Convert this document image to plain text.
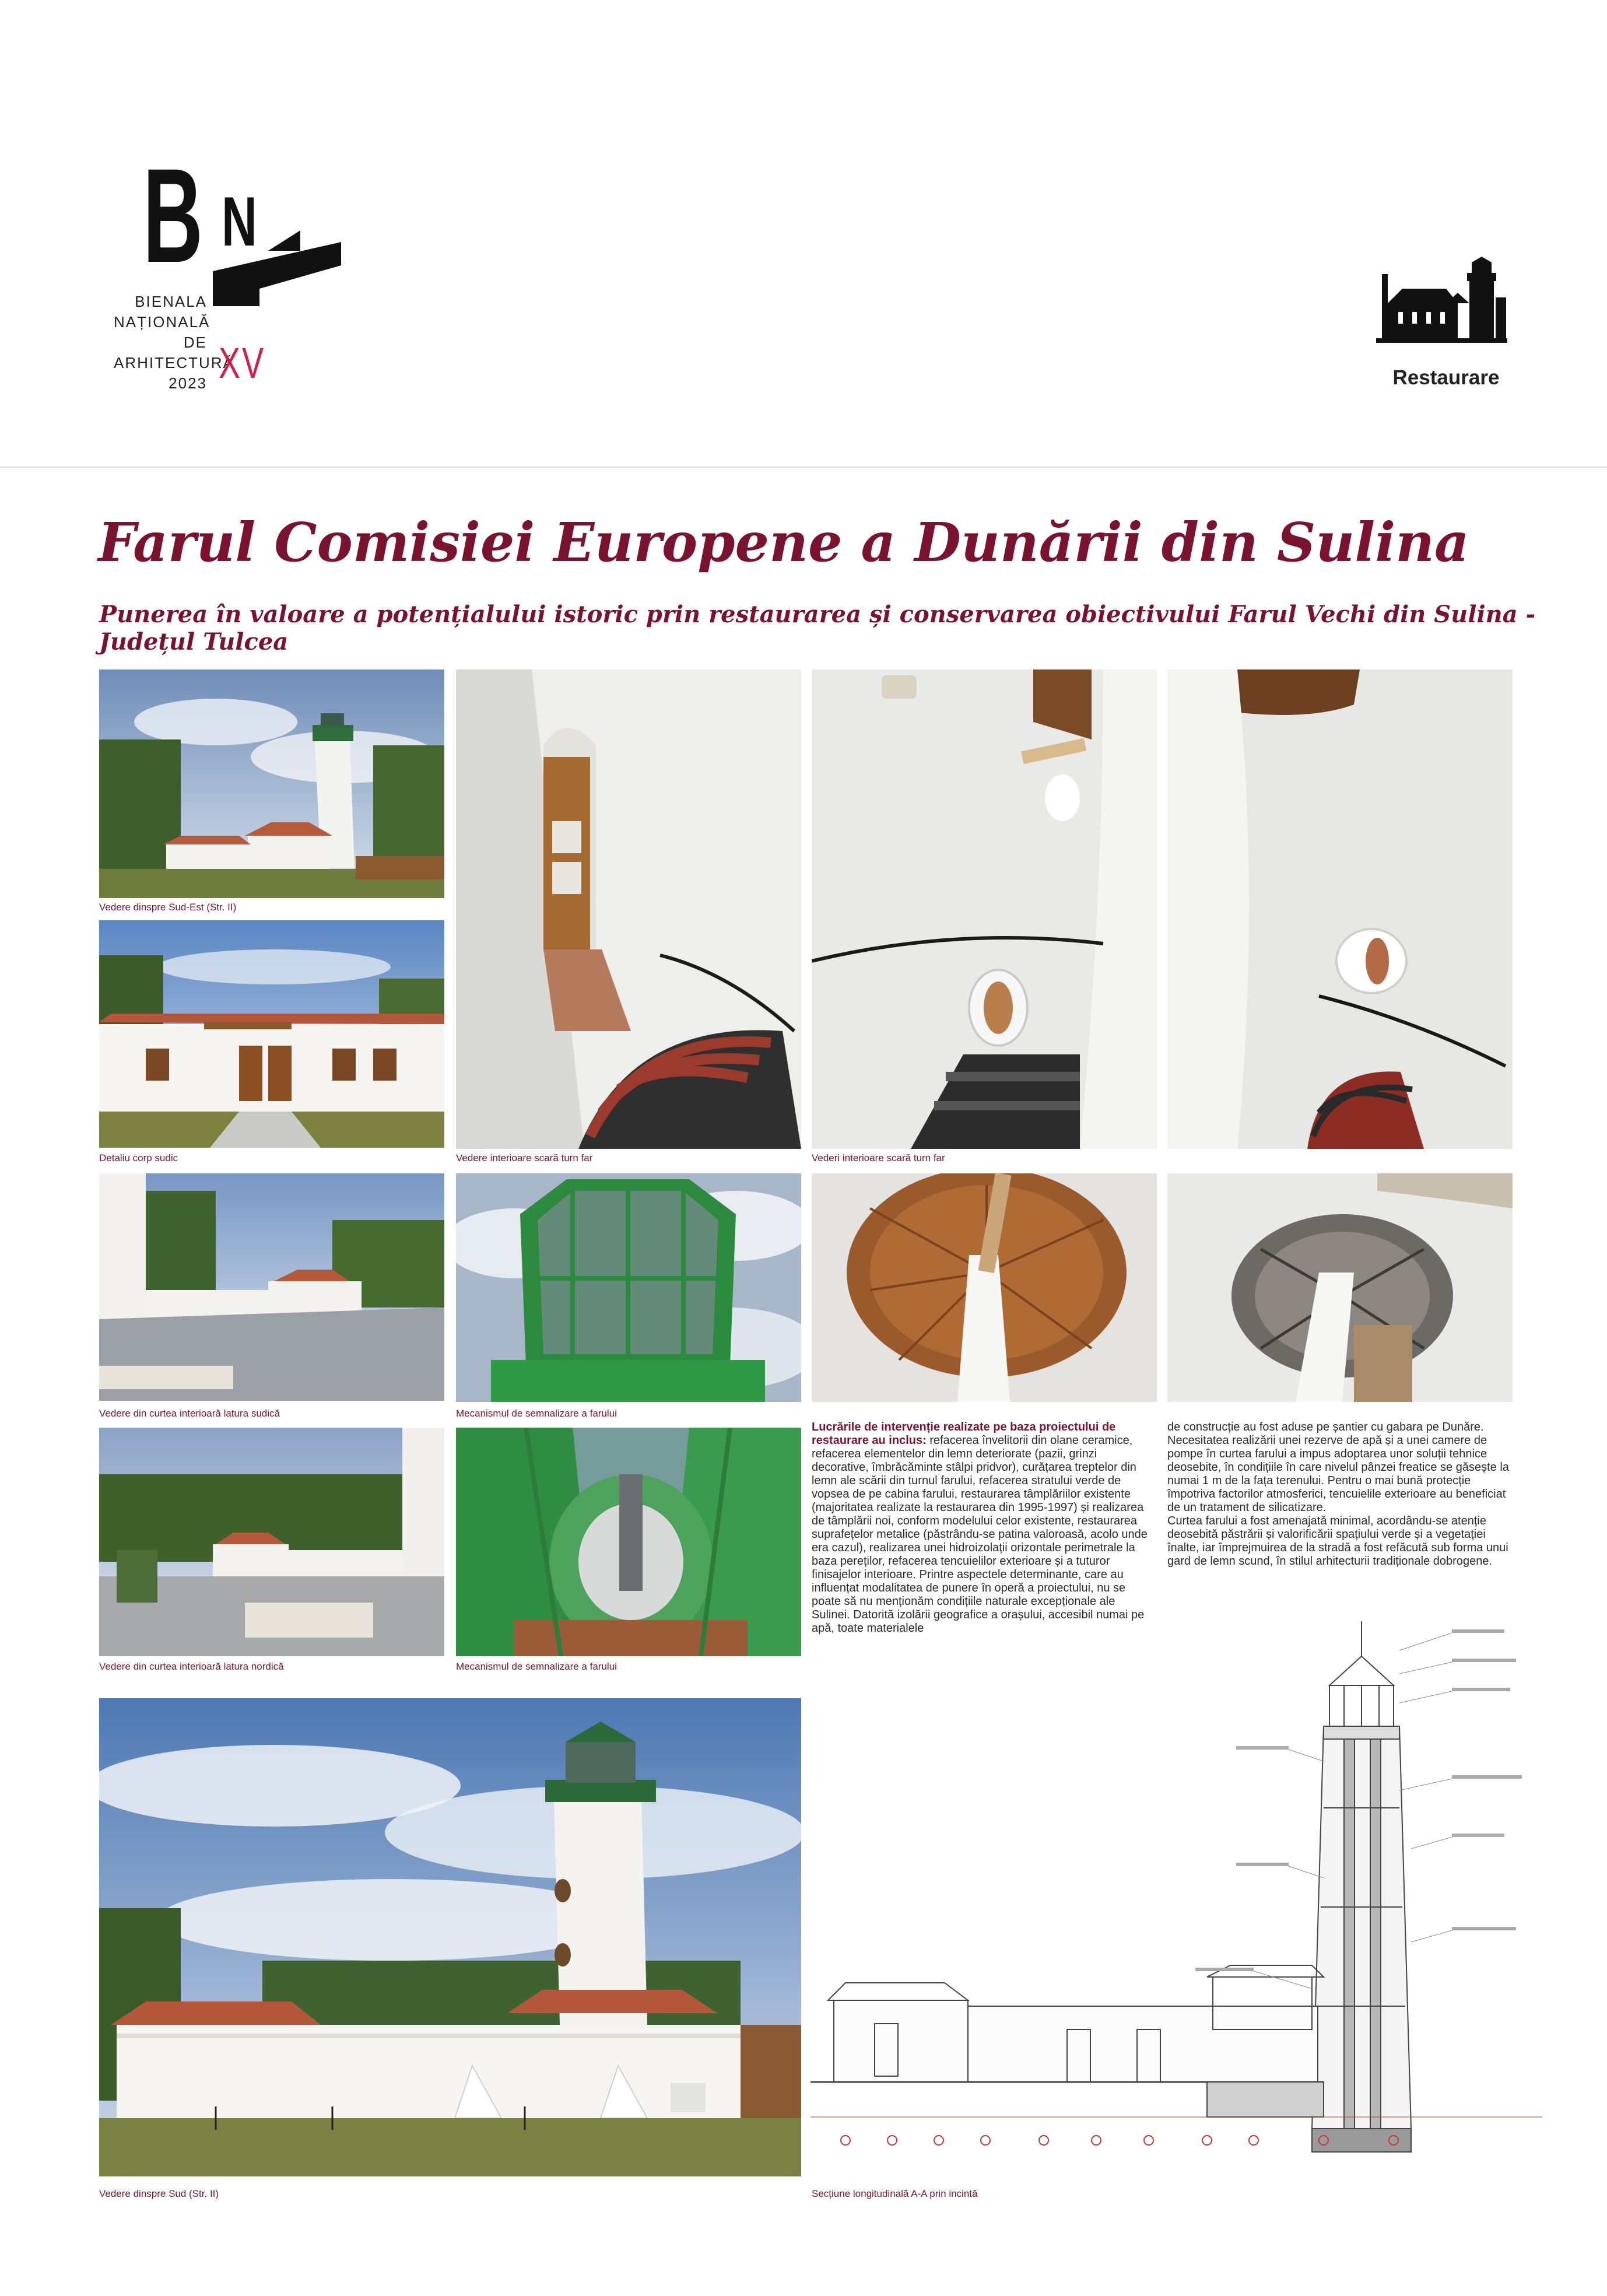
B N
BIENALA
NAȚIONALĂ
DE
ARHITECTURĂ
2023 XV	Restaurare
Farul Comisiei Europene a Dunării din Sulina
Punerea în valoare a potențialului istoric prin restaurarea și conservarea obiectivului Farul Vechi din Sulina - Județul Tulcea
Vedere dinspre Sud-Est (Str. II)
Detaliu corp sudic
Vedere din curtea interioară latura sudică
Vedere din curtea interioară latura nordică
Vedere interioare scară turn far	Vederi interioare scară turn far
Mecanismul de semnalizare a farului
Mecanismul de semnalizare a farului
Lucrările de intervenție realizate pe baza proiectului de restaurare au inclus: refacerea învelitorii din olane ceramice, refacerea elementelor din lemn deteriorate (pazii, grinzi decorative, îmbrăcăminte stâlpi pridvor), curățarea treptelor din lemn ale scării din turnul farului, refacerea stratului verde de vopsea de pe cabina farului, restaurarea tâmplăriilor existente (majoritatea realizate la restaurarea din 1995-1997) și realizarea de tâmplării noi, conform modelului celor existente, restaurarea suprafețelor metalice (păstrându-se patina valoroasă, acolo unde era cazul), realizarea unei hidroizolații orizontale perimetrale la baza pereților, refacerea tencuielilor exterioare și a tuturor finisajelor interioare. Printre aspectele determinante, care au influențat modalitatea de punere în operă a proiectului, nu se poate să nu menționăm condițiile naturale excepționale ale Sulinei. Datorită izolării geografice a orașului, accesibil numai pe apă, toate materialele
de construcție au fost aduse pe șantier cu gabara pe Dunăre. Necesitatea realizării unei rezerve de apă și a unei camere de pompe în curtea farului a impus adoptarea unor soluții tehnice deosebite, în condițiile în care nivelul pânzei freatice se găsește la numai 1 m de la fața terenului. Pentru o mai bună protecție împotriva factorilor atmosferici, tencuielile exterioare au beneficiat de un tratament de silicatizare.
Curtea farului a fost amenajată minimal, acordându-se atenție deosebită păstrării și valorificării spațiului verde și a vegetației înalte, iar împrejmuirea de la stradă a fost refăcută sub forma unui gard de lemn scund, în stilul arhitecturii tradiționale dobrogene.
Vedere dinspre Sud (Str. II)	Secțiune longitudinală A-A prin incintă
